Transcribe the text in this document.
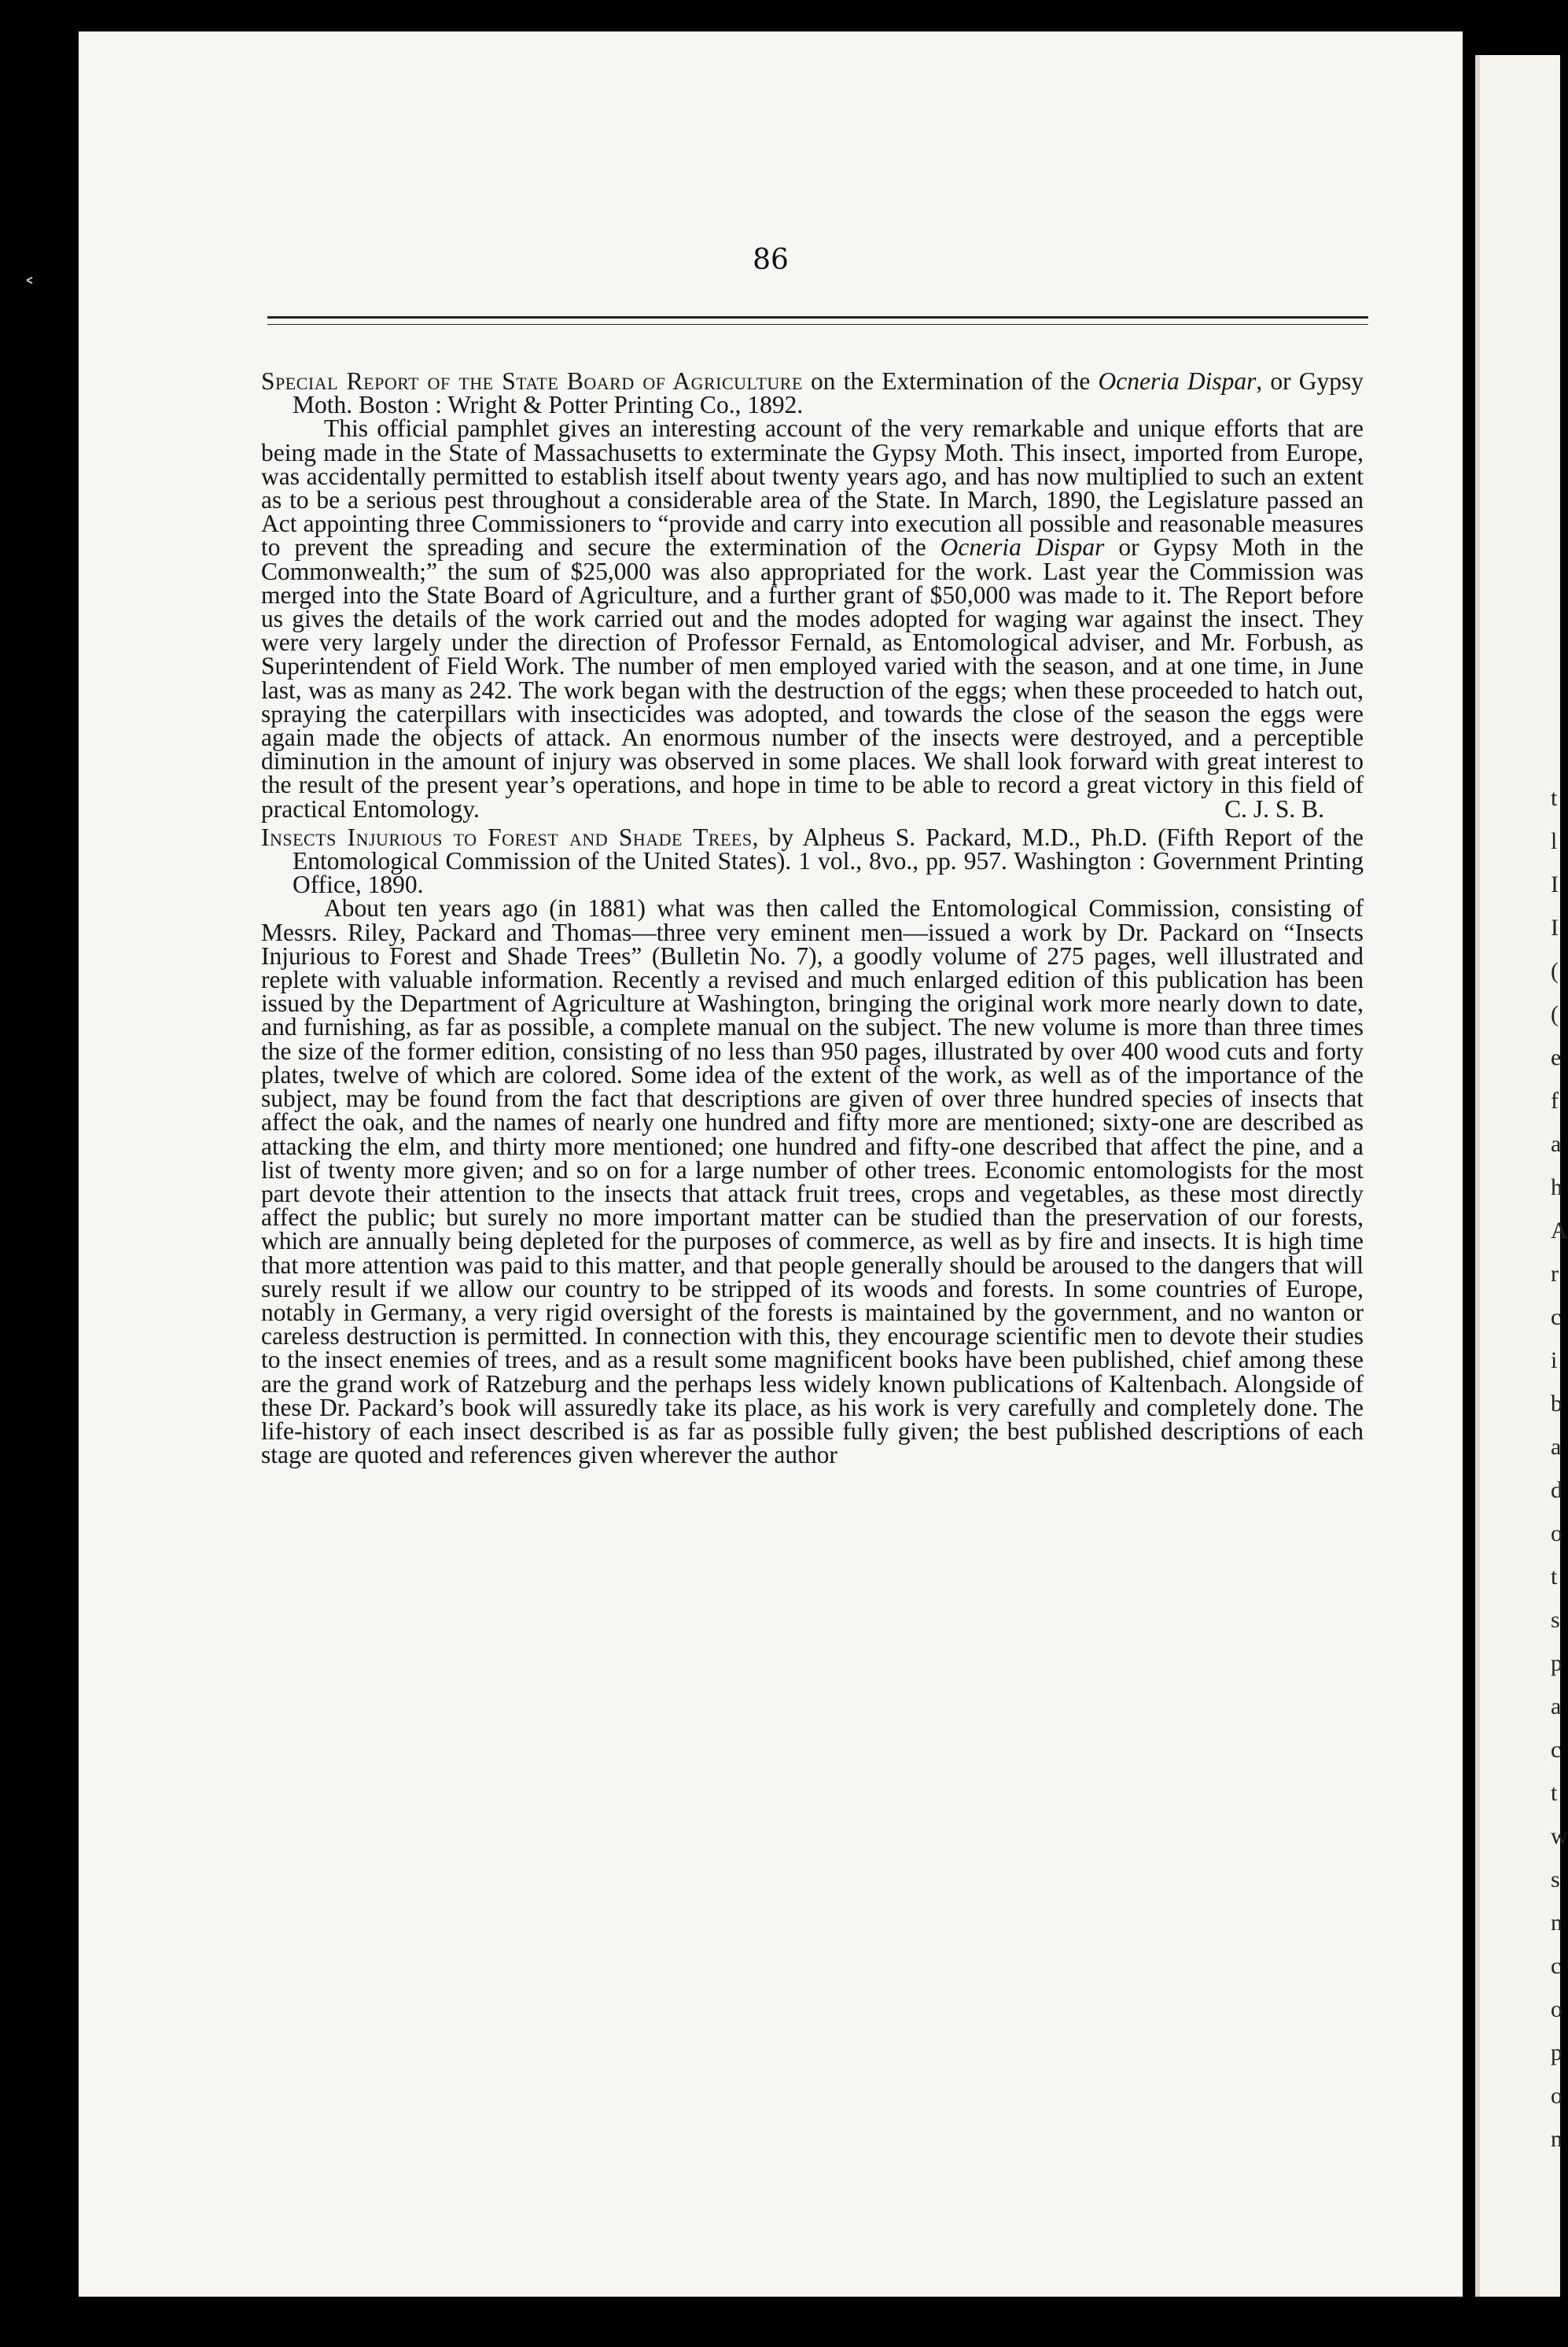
86

Special Report of the State Board of Agriculture on the Extermination of the Ocneria Dispar, or Gypsy Moth. Boston : Wright & Potter Printing Co., 1892.

This official pamphlet gives an interesting account of the very remarkable and unique efforts that are being made in the State of Massachusetts to exterminate the Gypsy Moth. This insect, imported from Europe, was accidentally permitted to establish itself about twenty years ago, and has now multiplied to such an extent as to be a serious pest throughout a considerable area of the State. In March, 1890, the Legislature passed an Act appointing three Commissioners to “provide and carry into execution all possible and reasonable measures to prevent the spreading and secure the extermination of the Ocneria Dispar or Gypsy Moth in the Commonwealth;” the sum of $25,000 was also appropriated for the work. Last year the Commission was merged into the State Board of Agriculture, and a further grant of $50,000 was made to it. The Report before us gives the details of the work carried out and the modes adopted for waging war against the insect. They were very largely under the direction of Professor Fernald, as Entomological adviser, and Mr. Forbush, as Superintendent of Field Work. The number of men employed varied with the season, and at one time, in June last, was as many as 242. The work began with the destruction of the eggs; when these proceeded to hatch out, spraying the caterpillars with insecticides was adopted, and towards the close of the season the eggs were again made the objects of attack. An enormous number of the insects were destroyed, and a perceptible diminution in the amount of injury was observed in some places. We shall look forward with great interest to the result of the present year’s operations, and hope in time to be able to record a great victory in this field of practical Entomology.	C. J. S. B.

Insects Injurious to Forest and Shade Trees, by Alpheus S. Packard, M.D., Ph.D. (Fifth Report of the Entomological Commission of the United States). 1 vol., 8vo., pp. 957. Washington : Government Printing Office, 1890.

About ten years ago (in 1881) what was then called the Entomological Commission, consisting of Messrs. Riley, Packard and Thomas—three very eminent men—issued a work by Dr. Packard on “Insects Injurious to Forest and Shade Trees” (Bulletin No. 7), a goodly volume of 275 pages, well illustrated and replete with valuable information. Recently a revised and much enlarged edition of this publication has been issued by the Department of Agriculture at Washington, bringing the original work more nearly down to date, and furnishing, as far as possible, a complete manual on the subject. The new volume is more than three times the size of the former edition, consisting of no less than 950 pages, illustrated by over 400 wood cuts and forty plates, twelve of which are colored. Some idea of the extent of the work, as well as of the importance of the subject, may be found from the fact that descriptions are given of over three hundred species of insects that affect the oak, and the names of nearly one hundred and fifty more are mentioned; sixty-one are described as attacking the elm, and thirty more mentioned; one hundred and fifty-one described that affect the pine, and a list of twenty more given; and so on for a large number of other trees. Economic entomologists for the most part devote their attention to the insects that attack fruit trees, crops and vegetables, as these most directly affect the public; but surely no more important matter can be studied than the preservation of our forests, which are annually being depleted for the purposes of commerce, as well as by fire and insects. It is high time that more attention was paid to this matter, and that people generally should be aroused to the dangers that will surely result if we allow our country to be stripped of its woods and forests. In some countries of Europe, notably in Germany, a very rigid oversight of the forests is maintained by the government, and no wanton or careless destruction is permitted. In connection with this, they encourage scientific men to devote their studies to the insect enemies of trees, and as a result some magnificent books have been published, chief among these are the grand work of Ratzeburg and the perhaps less widely known publications of Kaltenbach. Alongside of these Dr. Packard’s book will assuredly take its place, as his work is very carefully and completely done. The life-history of each insect described is as far as possible fully given; the best published descriptions of each stage are quoted and references given wherever the author

t
l
I
I
(
(
e
f
a
h
A
r
c
i
b
a
d
o
t
s
p
a
c
t
w
s
n
c
o
p
o
n
˂
